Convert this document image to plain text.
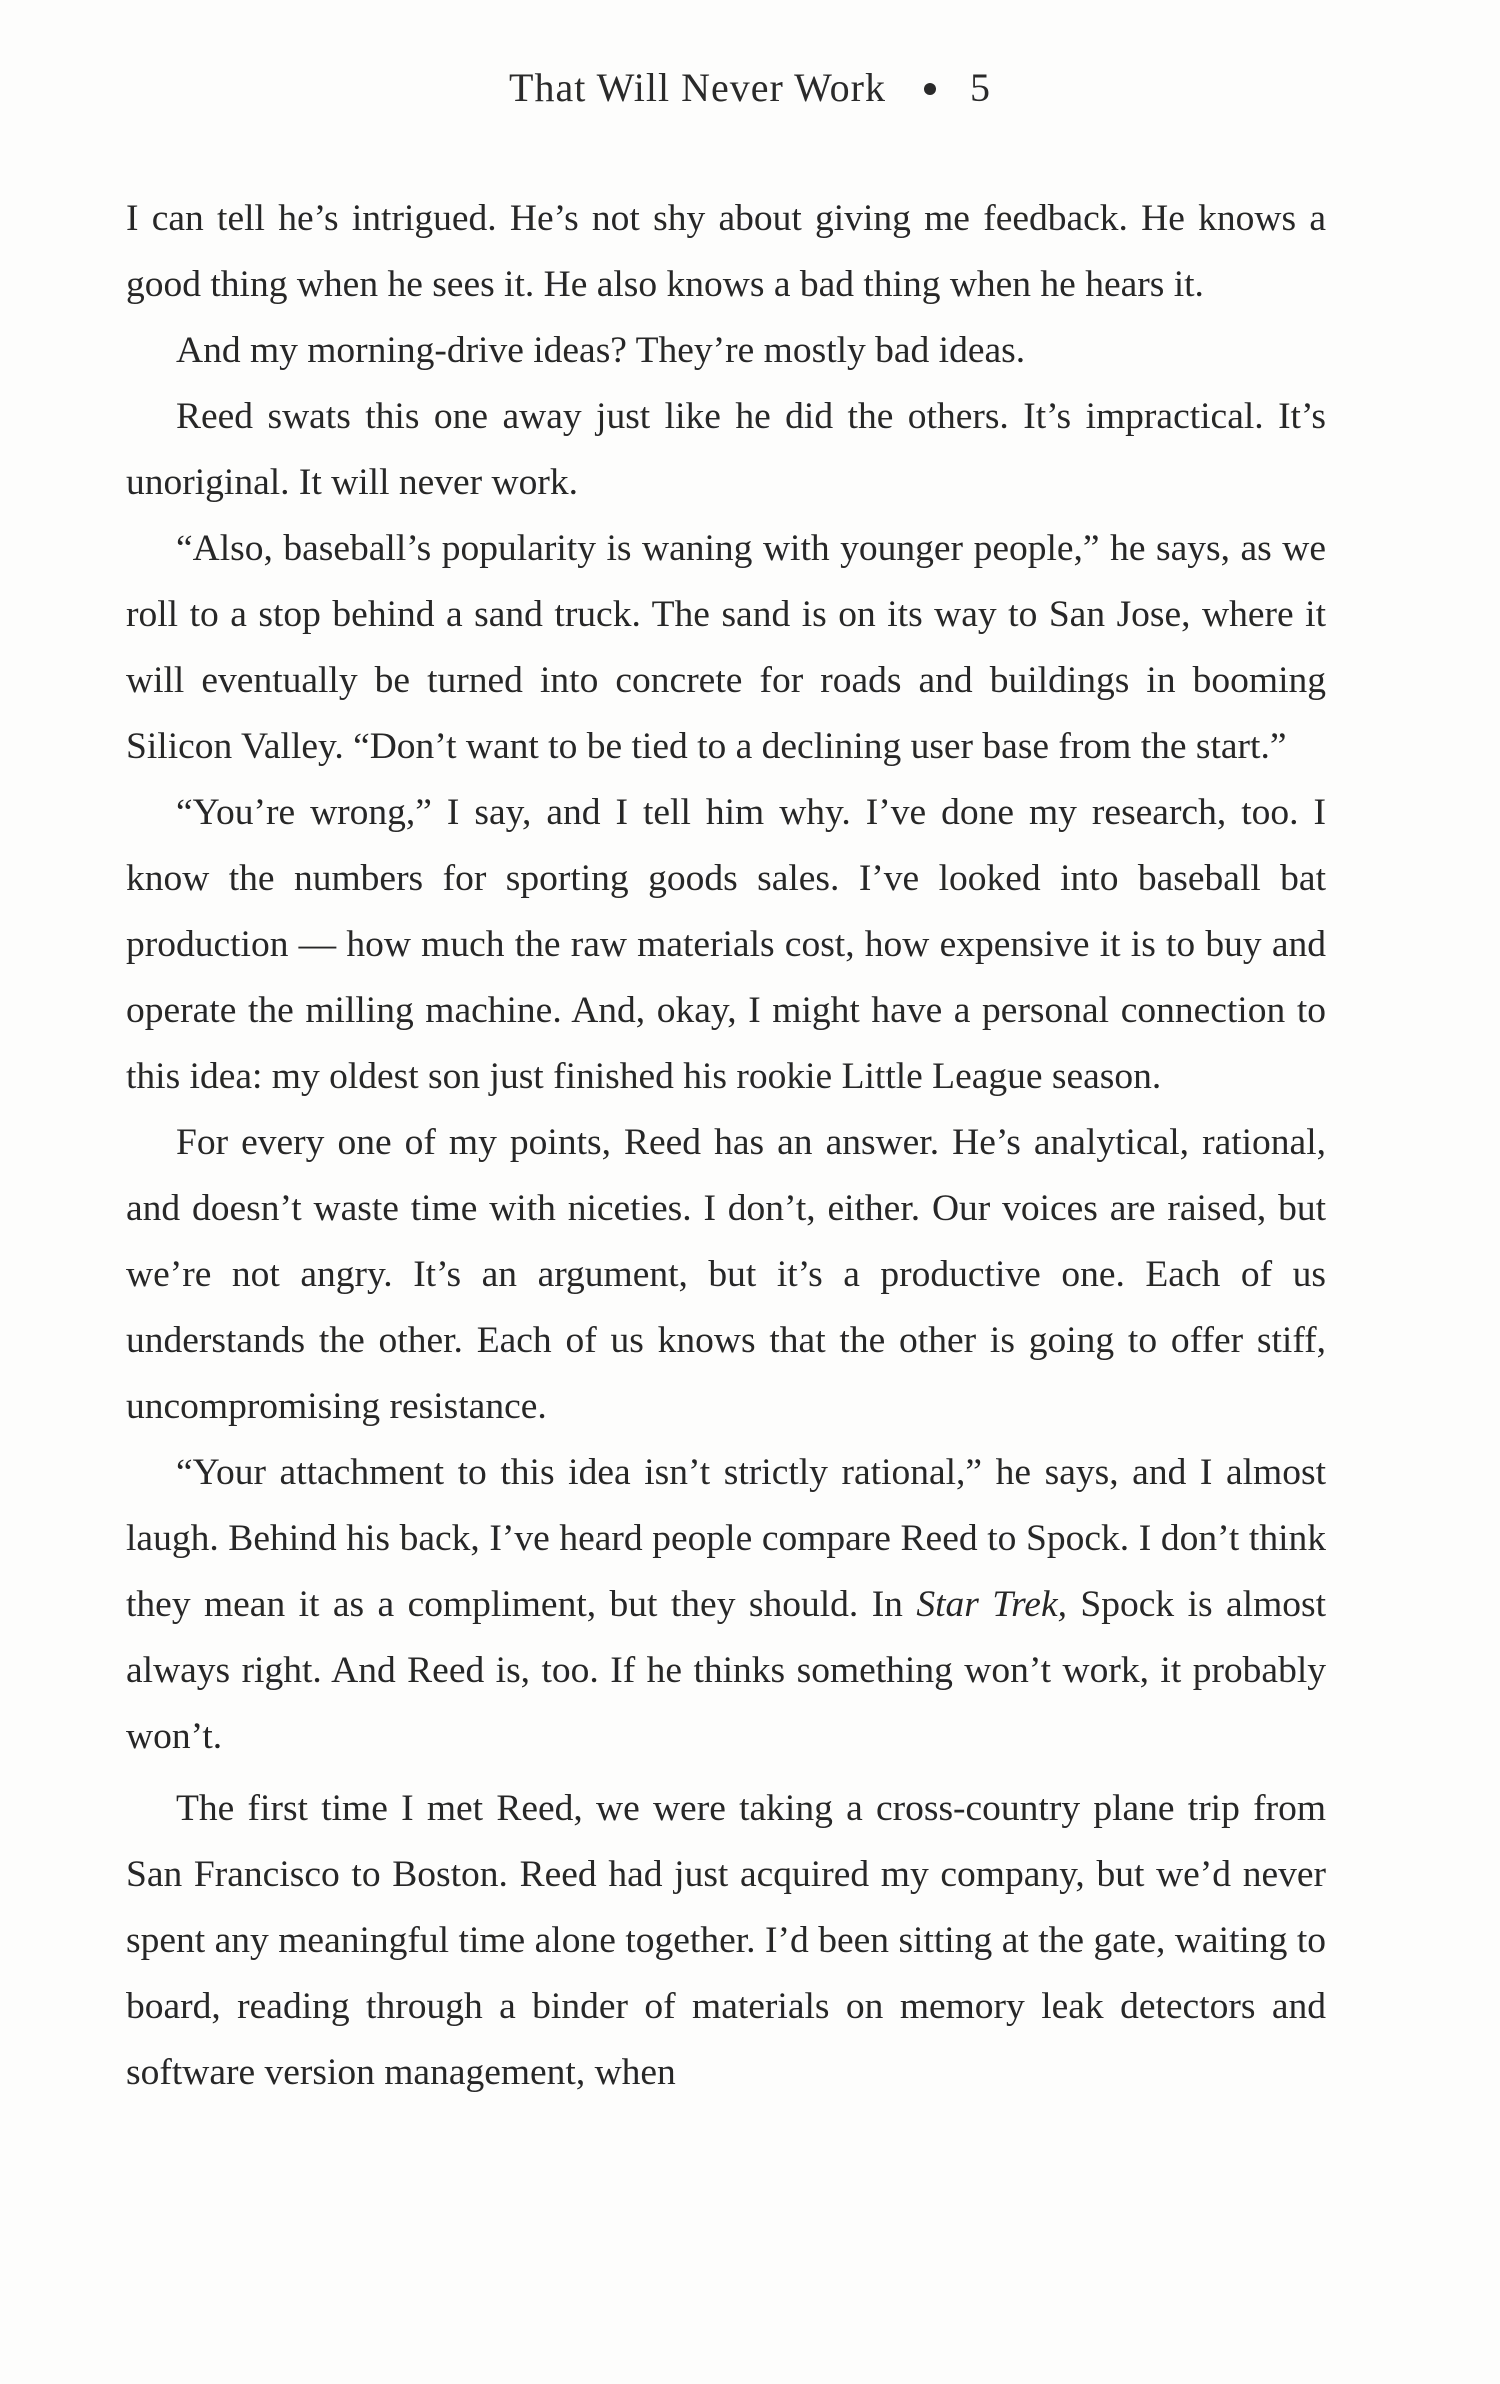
That Will Never Work 5

I can tell he’s intrigued. He’s not shy about giving me feedback. He knows a good thing when he sees it. He also knows a bad thing when he hears it.

And my morning-drive ideas? They’re mostly bad ideas.

Reed swats this one away just like he did the others. It’s impractical. It’s unoriginal. It will never work.

“Also, baseball’s popularity is waning with younger people,” he says, as we roll to a stop behind a sand truck. The sand is on its way to San Jose, where it will eventually be turned into concrete for roads and buildings in booming Silicon Valley. “Don’t want to be tied to a declining user base from the start.”

“You’re wrong,” I say, and I tell him why. I’ve done my research, too. I know the numbers for sporting goods sales. I’ve looked into baseball bat production — how much the raw materials cost, how expensive it is to buy and operate the milling machine. And, okay, I might have a personal connection to this idea: my oldest son just finished his rookie Little League season.

For every one of my points, Reed has an answer. He’s analytical, rational, and doesn’t waste time with niceties. I don’t, either. Our voices are raised, but we’re not angry. It’s an argument, but it’s a productive one. Each of us understands the other. Each of us knows that the other is going to offer stiff, uncompromising resistance.

“Your attachment to this idea isn’t strictly rational,” he says, and I almost laugh. Behind his back, I’ve heard people compare Reed to Spock. I don’t think they mean it as a compliment, but they should. In Star Trek, Spock is almost always right. And Reed is, too. If he thinks something won’t work, it probably won’t.

The first time I met Reed, we were taking a cross-country plane trip from San Francisco to Boston. Reed had just acquired my company, but we’d never spent any meaningful time alone together. I’d been sitting at the gate, waiting to board, reading through a binder of materials on memory leak detectors and software version management, when
